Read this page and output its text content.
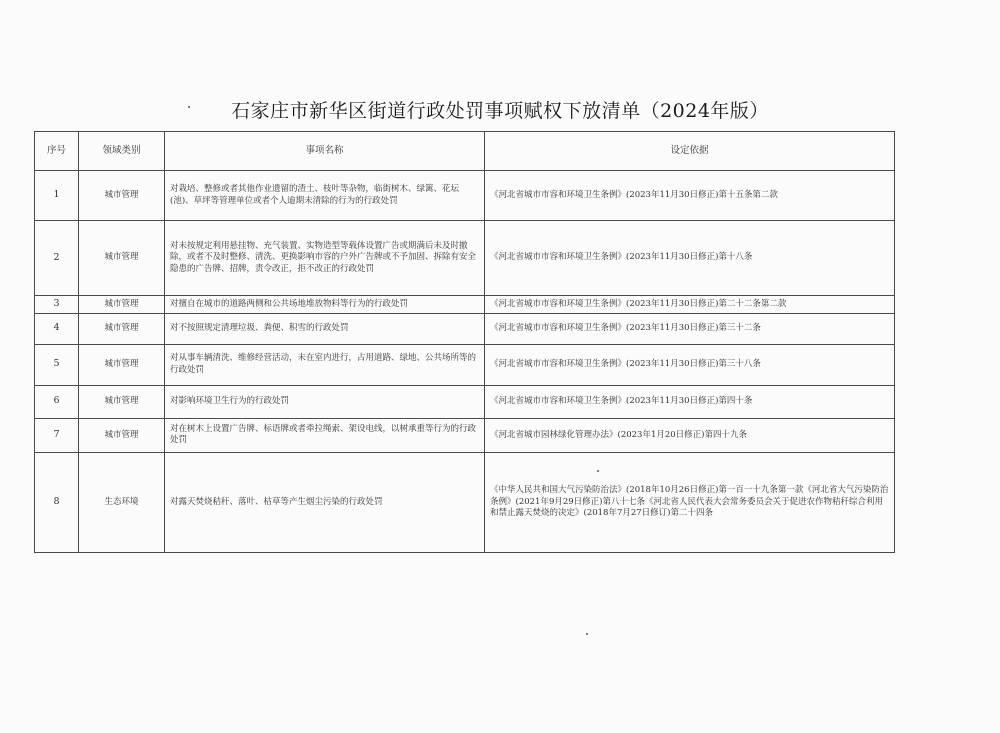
石家庄市新华区街道行政处罚事项赋权下放清单（2024年版）
序号	领域类别	事项名称	设定依据
1	城市管理	对栽培、整修或者其他作业遗留的渣土、枝叶等杂物，临街树木、绿篱、花坛(池)、草坪等管理单位或者个人逾期未清除的行为的行政处罚	《河北省城市市容和环境卫生条例》(2023年11月30日修正)第十五条第二款
2	城市管理	对未按规定利用悬挂物、充气装置、实物造型等载体设置广告或期满后未及时撤除，或者不及时整修、清洗、更换影响市容的户外广告牌或不予加固、拆除有安全隐患的广告牌、招牌，责令改正，拒不改正的行政处罚	《河北省城市市容和环境卫生条例》(2023年11月30日修正)第十八条
3	城市管理	对擅自在城市的道路两侧和公共场地堆放物料等行为的行政处罚	《河北省城市市容和环境卫生条例》(2023年11月30日修正)第二十二条第二款
4	城市管理	对不按照规定清理垃圾、粪便、积雪的行政处罚	《河北省城市市容和环境卫生条例》(2023年11月30日修正)第三十二条
5	城市管理	对从事车辆清洗、维修经营活动，未在室内进行，占用道路、绿地、公共场所等的行政处罚	《河北省城市市容和环境卫生条例》(2023年11月30日修正)第三十八条
6	城市管理	对影响环境卫生行为的行政处罚	《河北省城市市容和环境卫生条例》(2023年11月30日修正)第四十条
7	城市管理	对在树木上设置广告牌、标语牌或者牵拉绳索、架设电线，以树承重等行为的行政处罚	《河北省城市园林绿化管理办法》(2023年1月20日修正)第四十九条
8	生态环境	对露天焚烧秸秆、落叶、枯草等产生烟尘污染的行政处罚	《中华人民共和国大气污染防治法》(2018年10月26日修正)第一百一十九条第一款《河北省大气污染防治条例》(2021年9月29日修正)第八十七条《河北省人民代表大会常务委员会关于促进农作物秸秆综合利用和禁止露天焚烧的决定》(2018年7月27日修订)第二十四条
